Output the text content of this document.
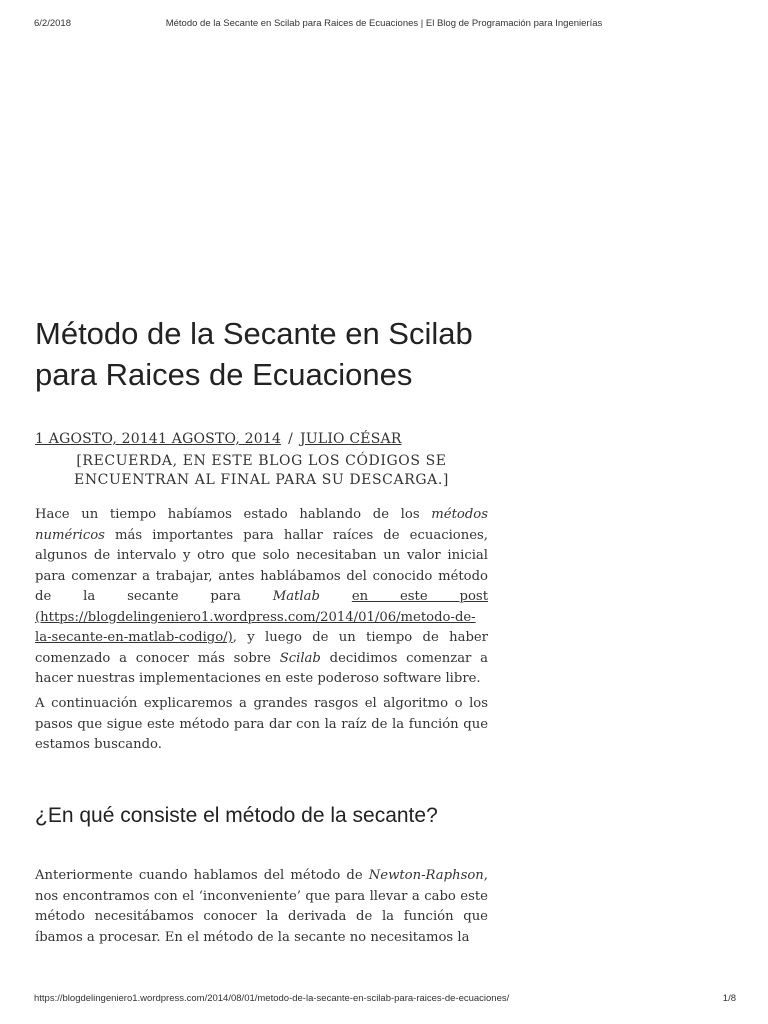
6/2/2018	Método de la Secante en Scilab para Raices de Ecuaciones | El Blog de Programación para Ingenierías
Método de la Secante en Scilab para Raices de Ecuaciones
1 AGOSTO, 20141 AGOSTO, 2014 / JULIO CÉSAR
[RECUERDA, EN ESTE BLOG LOS CÓDIGOS SE ENCUENTRAN AL FINAL PARA SU DESCARGA.]

Hace un tiempo habíamos estado hablando de los métodos numéricos más importantes para hallar raíces de ecuaciones, algunos de intervalo y otro que solo necesitaban un valor inicial para comenzar a trabajar, antes hablábamos del conocido método de la secante para Matlab en este post (https://blogdelingeniero1.wordpress.com/2014/01/06/metodo-de-la-secante-en-matlab-codigo/), y luego de un tiempo de haber comenzado a conocer más sobre Scilab decidimos comenzar a hacer nuestras implementaciones en este poderoso software libre.

A continuación explicaremos a grandes rasgos el algoritmo o los pasos que sigue este método para dar con la raíz de la función que estamos buscando.

¿En qué consiste el método de la secante?

Anteriormente cuando hablamos del método de Newton-Raphson, nos encontramos con el ‘inconveniente’ que para llevar a cabo este método necesitábamos conocer la derivada de la función que íbamos a procesar. En el método de la secante no necesitamos la

https://blogdelingeniero1.wordpress.com/2014/08/01/metodo-de-la-secante-en-scilab-para-raices-de-ecuaciones/	1/8
